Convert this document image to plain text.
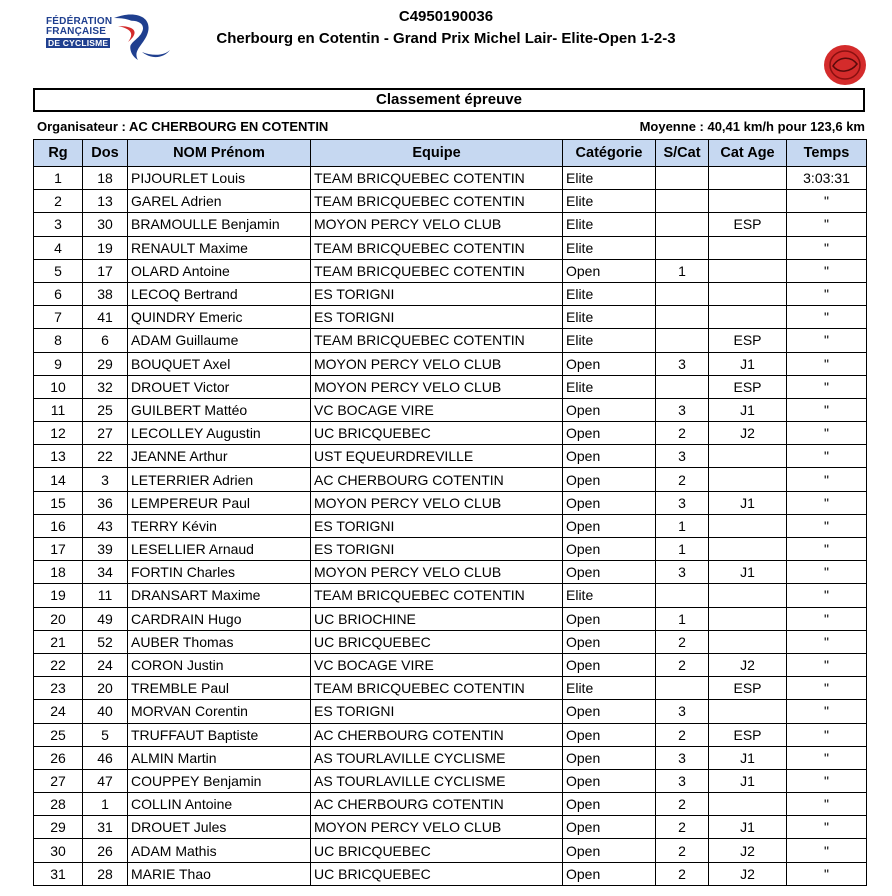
FÉDÉRATION
FRANÇAISE
DE CYCLISME
C4950190036
Cherbourg en Cotentin - Grand Prix Michel Lair- Elite-Open 1-2-3
Classement épreuve
Organisateur : AC CHERBOURG EN COTENTIN	Moyenne : 40,41 km/h pour 123,6 km
Rg	Dos	NOM Prénom	Equipe	Catégorie	S/Cat	Cat Age	Temps
1	18	PIJOURLET Louis	TEAM BRICQUEBEC COTENTIN	Elite			3:03:31
2	13	GAREL Adrien	TEAM BRICQUEBEC COTENTIN	Elite			"
3	30	BRAMOULLE Benjamin	MOYON PERCY VELO CLUB	Elite		ESP	"
4	19	RENAULT Maxime	TEAM BRICQUEBEC COTENTIN	Elite			"
5	17	OLARD Antoine	TEAM BRICQUEBEC COTENTIN	Open	1		"
6	38	LECOQ Bertrand	ES TORIGNI	Elite			"
7	41	QUINDRY Emeric	ES TORIGNI	Elite			"
8	6	ADAM Guillaume	TEAM BRICQUEBEC COTENTIN	Elite		ESP	"
9	29	BOUQUET Axel	MOYON PERCY VELO CLUB	Open	3	J1	"
10	32	DROUET Victor	MOYON PERCY VELO CLUB	Elite		ESP	"
11	25	GUILBERT Mattéo	VC BOCAGE VIRE	Open	3	J1	"
12	27	LECOLLEY Augustin	UC BRICQUEBEC	Open	2	J2	"
13	22	JEANNE Arthur	UST EQUEURDREVILLE	Open	3		"
14	3	LETERRIER Adrien	AC CHERBOURG COTENTIN	Open	2		"
15	36	LEMPEREUR Paul	MOYON PERCY VELO CLUB	Open	3	J1	"
16	43	TERRY Kévin	ES TORIGNI	Open	1		"
17	39	LESELLIER Arnaud	ES TORIGNI	Open	1		"
18	34	FORTIN Charles	MOYON PERCY VELO CLUB	Open	3	J1	"
19	11	DRANSART Maxime	TEAM BRICQUEBEC COTENTIN	Elite			"
20	49	CARDRAIN Hugo	UC BRIOCHINE	Open	1		"
21	52	AUBER Thomas	UC BRICQUEBEC	Open	2		"
22	24	CORON Justin	VC BOCAGE VIRE	Open	2	J2	"
23	20	TREMBLE Paul	TEAM BRICQUEBEC COTENTIN	Elite		ESP	"
24	40	MORVAN Corentin	ES TORIGNI	Open	3		"
25	5	TRUFFAUT Baptiste	AC CHERBOURG COTENTIN	Open	2	ESP	"
26	46	ALMIN Martin	AS TOURLAVILLE CYCLISME	Open	3	J1	"
27	47	COUPPEY Benjamin	AS TOURLAVILLE CYCLISME	Open	3	J1	"
28	1	COLLIN Antoine	AC CHERBOURG COTENTIN	Open	2		"
29	31	DROUET Jules	MOYON PERCY VELO CLUB	Open	2	J1	"
30	26	ADAM Mathis	UC BRICQUEBEC	Open	2	J2	"
31	28	MARIE Thao	UC BRICQUEBEC	Open	2	J2	"
